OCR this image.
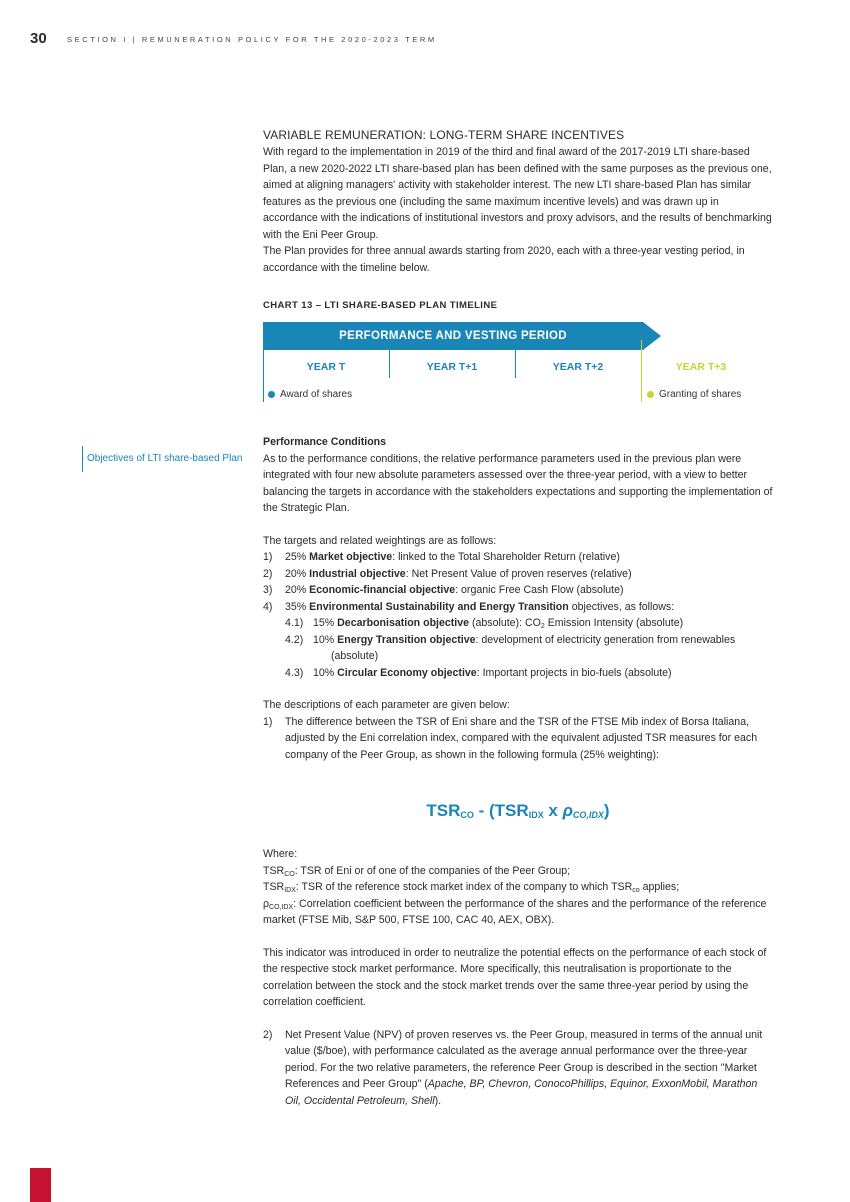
30	SECTION I | REMUNERATION POLICY FOR THE 2020-2023 TERM
VARIABLE REMUNERATION: LONG-TERM SHARE INCENTIVES

With regard to the implementation in 2019 of the third and final award of the 2017-2019 LTI share-based Plan, a new 2020-2022 LTI share-based plan has been defined with the same purposes as the previous one, aimed at aligning managers' activity with stakeholder interest. The new LTI share-based Plan has similar features as the previous one (including the same maximum incentive levels) and was drawn up in accordance with the indications of institutional investors and proxy advisors, and the results of benchmarking with the Eni Peer Group.

The Plan provides for three annual awards starting from 2020, each with a three-year vesting period, in accordance with the timeline below.

CHART 13 – LTI SHARE-BASED PLAN TIMELINE
PERFORMANCE AND VESTING PERIOD
YEAR T	YEAR T+1	YEAR T+2	YEAR T+3
Award of shares	Granting of shares
Objectives of LTI share-based Plan

Performance Conditions

As to the performance conditions, the relative performance parameters used in the previous plan were integrated with four new absolute parameters assessed over the three-year period, with a view to better balancing the targets in accordance with the stakeholders expectations and supporting the implementation of the Strategic Plan.

The targets and related weightings are as follows:

1)	25% Market objective: linked to the Total Shareholder Return (relative)
2)	20% Industrial objective: Net Present Value of proven reserves (relative)
3)	20% Economic-financial objective: organic Free Cash Flow (absolute)
4)	35% Environmental Sustainability and Energy Transition objectives, as follows:
4.1) 15% Decarbonisation objective (absolute): $CO_2$ Emission Intensity (absolute)
4.2) 10% Energy Transition objective: development of electricity generation from renewables
(absolute)
4.3) 10% Circular Economy objective: Important projects in bio-fuels (absolute)

The descriptions of each parameter are given below:

1)	The difference between the TSR of Eni share and the TSR of the FTSE Mib index of Borsa Italiana, adjusted by the Eni correlation index, compared with the equivalent adjusted TSR measures for each company of the Peer Group, as shown in the following formula (25% weighting):
$TSR_{CO} - (TSR_{IDX}$ x $\rho_{CO,IDX}$)

Where:

$TSR_{CO}$: TSR of Eni or of one of the companies of the Peer Group;

$TSR_{IDX}$: TSR of the reference stock market index of the company to which $TSR_{co}$ applies;

$\rho_{CO,IDX}$: Correlation coefficient between the performance of the shares and the performance of the reference market (FTSE Mib, S&P 500, FTSE 100, CAC 40, AEX, OBX).

This indicator was introduced in order to neutralize the potential effects on the performance of each stock of the respective stock market performance. More specifically, this neutralisation is proportionate to the correlation between the stock and the stock market trends over the same three-year period by using the correlation coefficient.

2)	Net Present Value (NPV) of proven reserves vs. the Peer Group, measured in terms of the annual unit value ($/boe), with performance calculated as the average annual performance over the three-year period. For the two relative parameters, the reference Peer Group is described in the section "Market References and Peer Group" (Apache, BP, Chevron, ConocoPhillips, Equinor, ExxonMobil, Marathon Oil, Occidental Petroleum, Shell).
